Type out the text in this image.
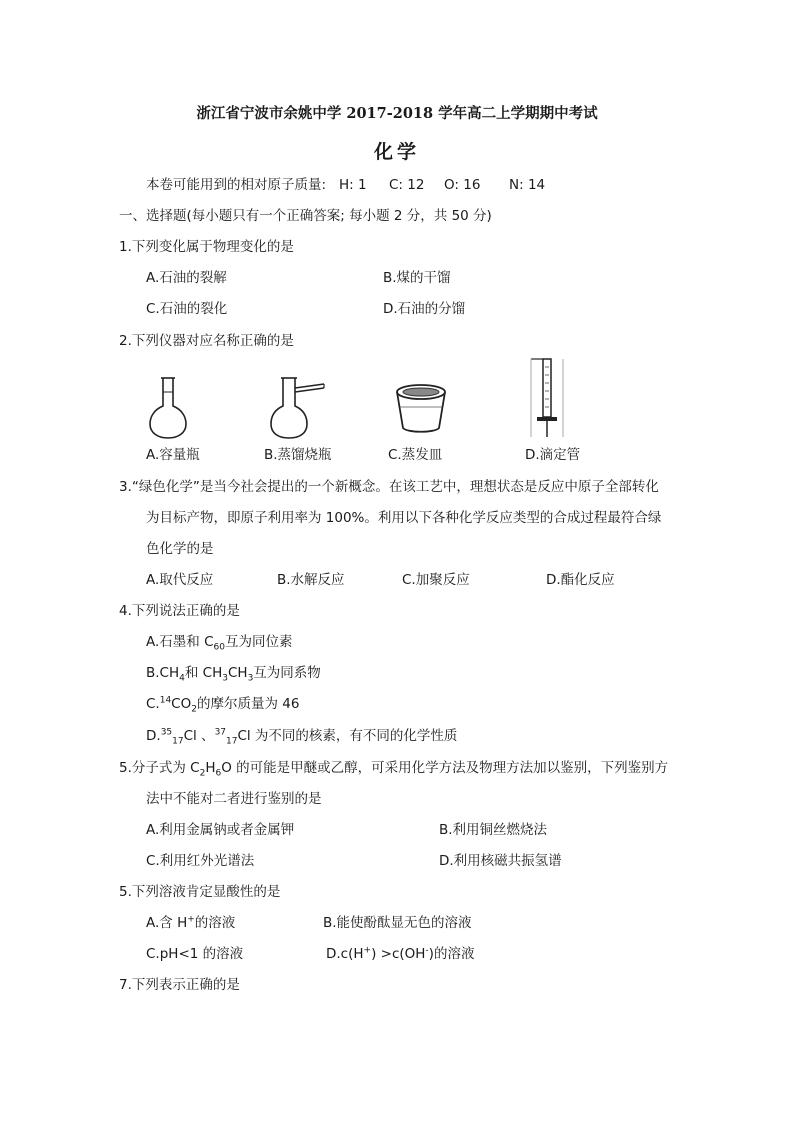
浙江省宁波市余姚中学 2017-2018 学年高二上学期期中考试
化学
本卷可能用到的相对原子质量: H: 1 C: 12 O: 16 N: 14
一、选择题(每小题只有一个正确答案; 每小题 2 分，共 50 分)
1.下列变化属于物理变化的是
A.石油的裂解	B.煤的干馏
C.石油的裂化	D.石油的分馏
2.下列仪器对应名称正确的是
A.容量瓶	B.蒸馏烧瓶	C.蒸发皿	D.滴定管
3.“绿色化学”是当今社会提出的一个新概念。在该工艺中，理想状态是反应中原子全部转化
为目标产物，即原子利用率为 100%。利用以下各种化学反应类型的合成过程最符合绿
色化学的是
A.取代反应	B.水解反应	C.加聚反应	D.酯化反应
4.下列说法正确的是
A.石墨和 $C_{60}$互为同位素
$B.CH_4$和 $CH_3CH_3$互为同系物
$C.^{14}CO_2$的摩尔质量为 46
D.$^{35}_{17}$Cl 、$^{37}_{17}$Cl 为不同的核素，有不同的化学性质
5.分子式为 $C_2H_6O$ 的可能是甲醚或乙醇，可采用化学方法及物理方法加以鉴别，下列鉴别方
法中不能对二者进行鉴别的是
A.利用金属钠或者金属钾	B.利用铜丝燃烧法
C.利用红外光谱法	D.利用核磁共振氢谱
5.下列溶液肯定显酸性的是
A.含 H+的溶液	B.能使酚酞显无色的溶液
C.pH<1 的溶液	D.c(H+) >c(OH-)的溶液
7.下列表示正确的是
